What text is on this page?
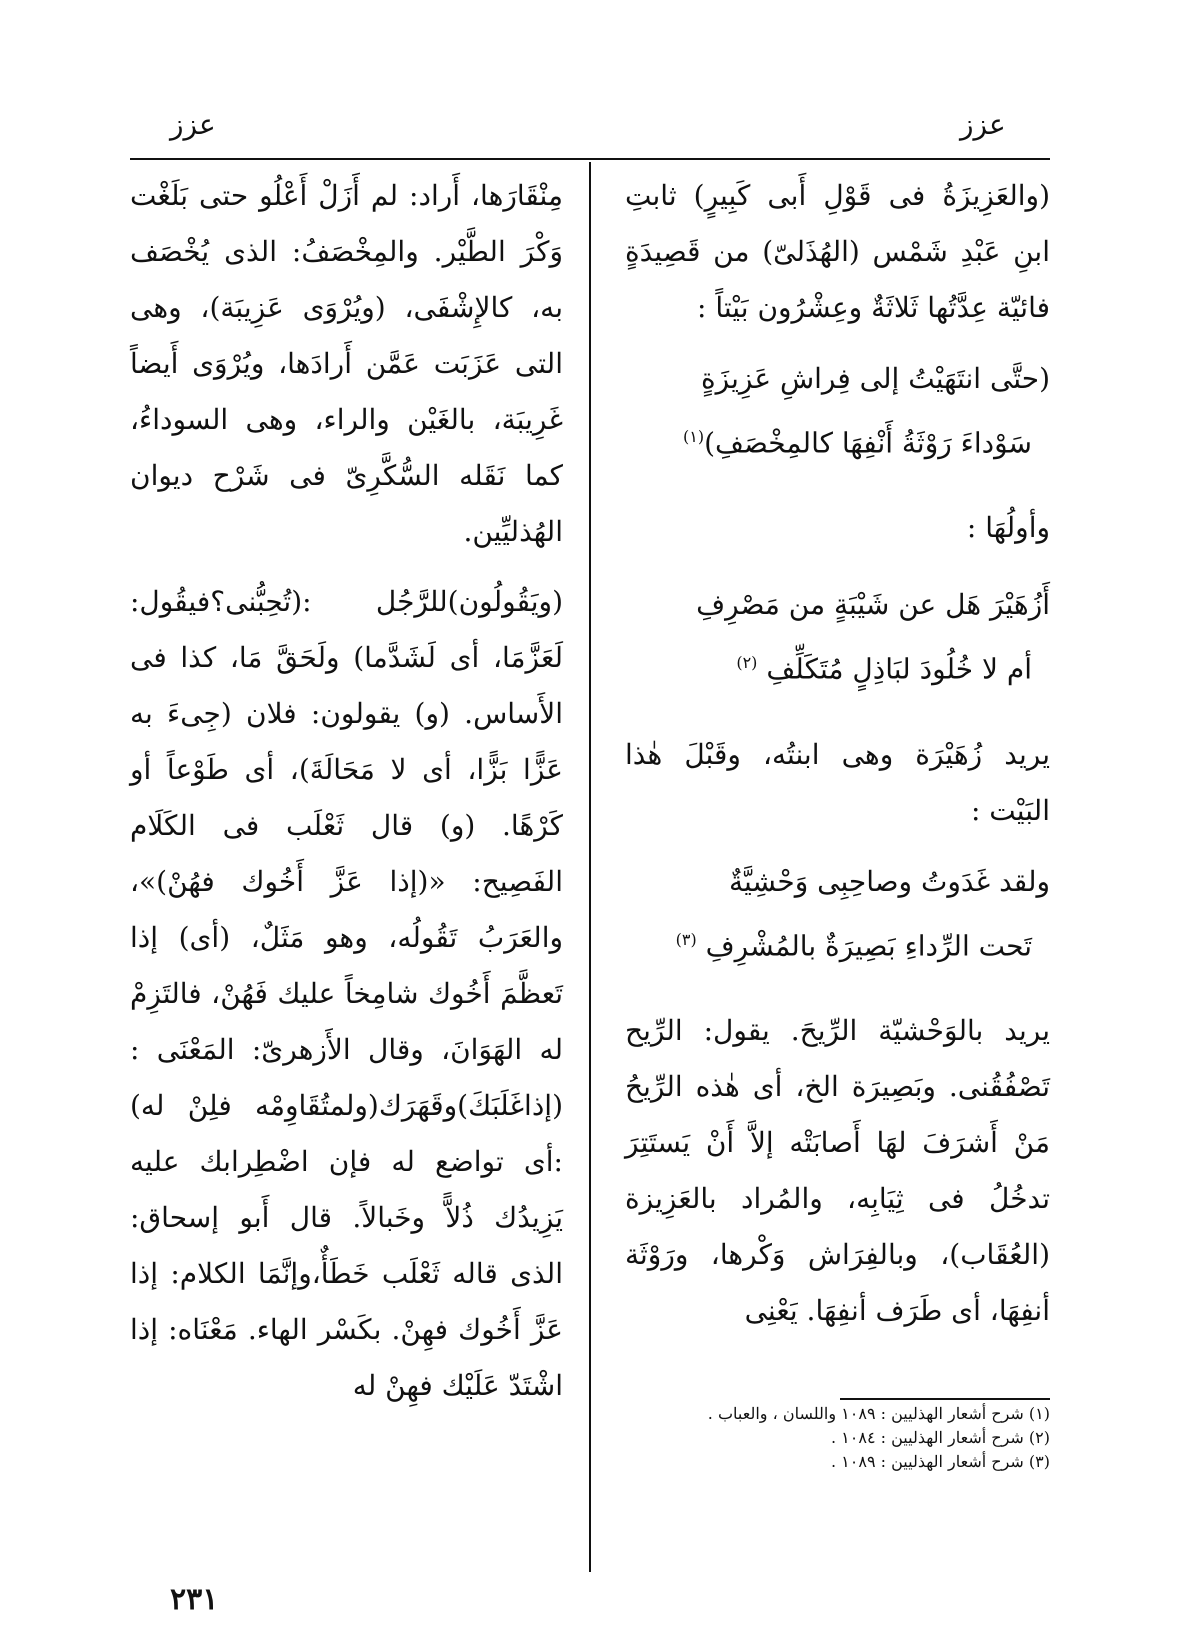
عزز
عزز

(والعَزِيزَةُ فى قَوْلِ أَبى كَبِيرٍ) ثابتِ ابنِ عَبْدِ شَمْس (الهُذَلىّ) من قَصِيدَةٍ فائيّة عِدَّتُها ثَلاثَةٌ وعِشْرُون بَيْتاً :

(حتَّى انتَهَيْتُ إلى فِراشِ عَزِيزَةٍ
سَوْداءَ رَوْثَةُ أَنْفِهَا كالمِخْصَفِ)$^{(١)}$
وأولُهَا :
أَزُهَيْرَ هَل عن شَيْبَةٍ من مَصْرِفِ
أم لا خُلُودَ لبَاذِلٍ مُتَكَلِّفِ $^{(٢)}$

يريد زُهَيْرَة وهى ابنتُه، وقَبْلَ هٰذا البَيْت :

ولقد غَدَوتُ وصاحِبِى وَحْشِيَّةٌ
تَحت الرِّداءِ بَصِيرَةٌ بالمُشْرِفِ $^{(٣)}$

يريد بالوَحْشيّة الرِّيحَ. يقول: الرِّيح تَصْفُقُنى. وبَصِيرَة الخ، أى هٰذه الرِّيحُ مَنْ أَشرَفَ لهَا أَصابَتْه إلاَّ أَنْ يَستَتِرَ تدخُلُ فى ثِيَابِه، والمُراد بالعَزِيزة (العُقَاب)، وبالفِرَاش وَكْرها، ورَوْثَة أنفِهَا، أى طَرَف أنفِهَا. يَعْنِى

مِنْقَارَها، أَراد: لم أَزَلْ أَعْلُو حتى بَلَغْت وَكْرَ الطَّيْر. والمِخْصَفُ: الذى يُخْصَف به، كالإِشْفَى، (ويُرْوَى عَزِيبَة)، وهى التى عَزَبَت عَمَّن أَرادَها، ويُرْوَى أَيضاً غَرِيبَة، بالغَيْن والراء، وهى السوداءُ، كما نَقَله السُّكَّرِىّ فى شَرْح ديوان الهُذليِّين.

(ويَقُولُون)للرَّجُل :(تُحِبُّنى؟فيقُول: لَعَزَّمَا، أى لَشَدَّما) ولَحَقَّ مَا، كذا فى الأَساس. (و) يقولون: فلان (جِىءَ به عَزًّا بَزًّا، أى لا مَحَالَةَ)، أى طَوْعاً أو كَرْهًا. (و) قال ثَعْلَب فى الكَلَام الفَصِيح: «(إذا عَزَّ أَخُوك فهُنْ)»، والعَرَبُ تَقُولُه، وهو مَثَلٌ، (أى) إذا تَعظَّمَ أَخُوك شامِخاً عليك فَهُنْ، فالتَزِمْ له الهَوَانَ، وقال الأَزهرىّ: المَعْنَى :(إذاغَلَبَكَ)وقَهَرَك(ولمتُقَاوِمْه فلِنْ له) :أى تواضع له فإن اضْطِرابك عليه يَزِيدُك ذُلاًّ وخَبالاً. قال أَبو إسحاق: الذى قاله ثَعْلَب خَطَأٌ،وإنَّمَا الكلام: إذا عَزَّ أَخُوك فهِنْ. بكَسْر الهاء. مَعْنَاه: إذا اشْتَدّ عَلَيْك فهِنْ له

(١) شرح أشعار الهذليين : ١٠٨٩ واللسان ، والعباب .
(٢) شرح أشعار الهذليين : ١٠٨٤ .
(٣) شرح أشعار الهذليين : ١٠٨٩ .
٢٣١
